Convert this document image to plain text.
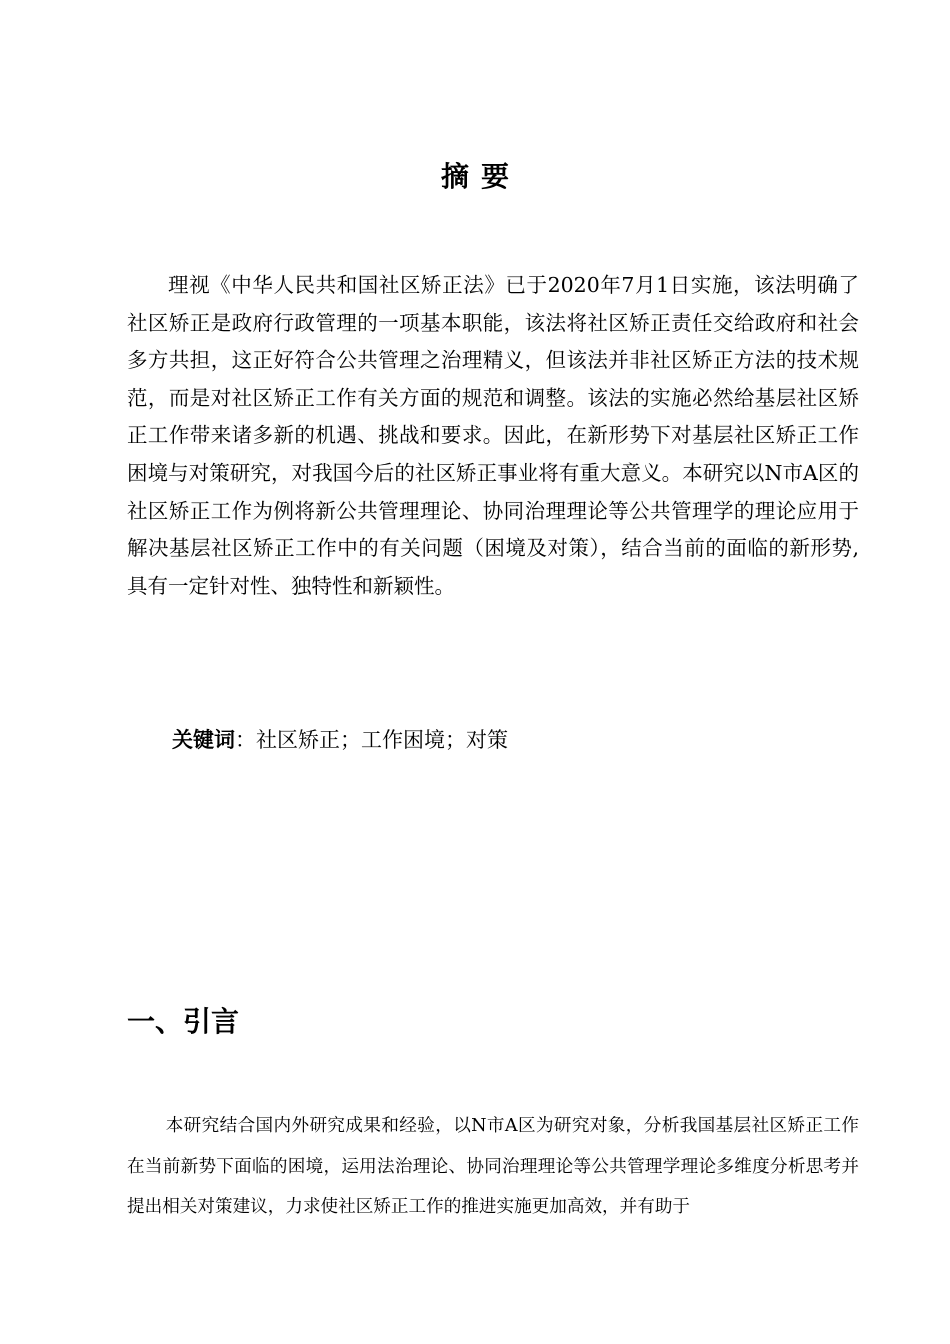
摘要

理视《中华人民共和国社区矫正法》已于2020年7月1日实施，该法明确了社区矫正是政府行政管理的一项基本职能，该法将社区矫正责任交给政府和社会多方共担，这正好符合公共管理之治理精义，但该法并非社区矫正方法的技术规范，而是对社区矫正工作有关方面的规范和调整。该法的实施必然给基层社区矫正工作带来诸多新的机遇、挑战和要求。因此，在新形势下对基层社区矫正工作困境与对策研究，对我国今后的社区矫正事业将有重大意义。本研究以N市A区的社区矫正工作为例将新公共管理理论、协同治理理论等公共管理学的理论应用于解决基层社区矫正工作中的有关问题（困境及对策），结合当前的面临的新形势,具有一定针对性、独特性和新颖性。

关键词：社区矫正；工作困境；对策

一、引言

本研究结合国内外研究成果和经验，以N市A区为研究对象，分析我国基层社区矫正工作在当前新势下面临的困境，运用法治理论、协同治理理论等公共管理学理论多维度分析思考并提出相关对策建议，力求使社区矫正工作的推进实施更加高效，并有助于
